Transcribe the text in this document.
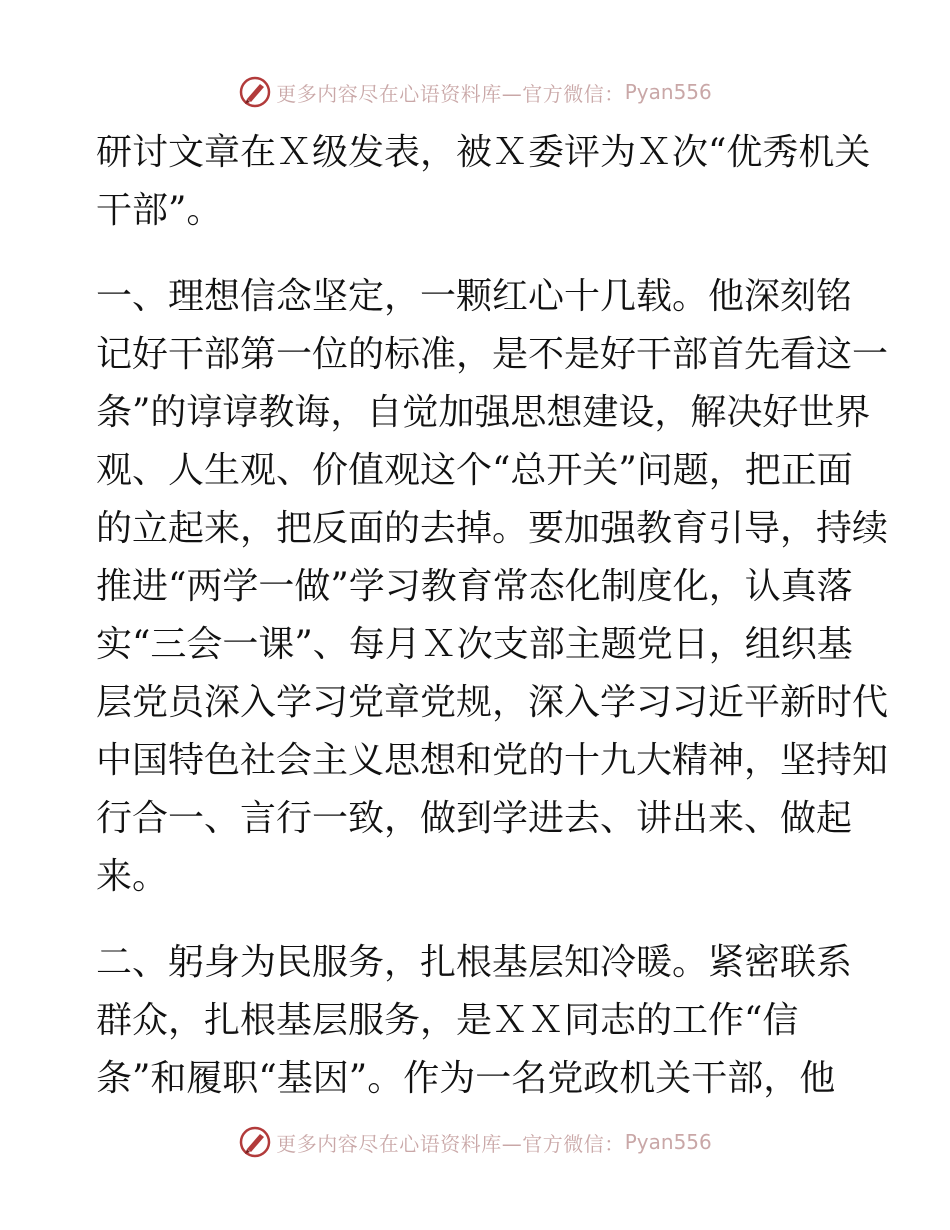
更多内容尽在心语资料库—官方微信： Pyan556
研讨文章在Ｘ级发表，被Ｘ委评为Ｘ次“优秀机关
干部”。
一、理想信念坚定，一颗红心十几载。他深刻铭
记好干部第一位的标准，是不是好干部首先看这一
条”的谆谆教诲，自觉加强思想建设，解决好世界
观、人生观、价值观这个“总开关”问题，把正面
的立起来，把反面的去掉。要加强教育引导，持续
推进“两学一做”学习教育常态化制度化，认真落
实“三会一课”、每月Ｘ次支部主题党日，组织基
层党员深入学习党章党规，深入学习习近平新时代
中国特色社会主义思想和党的十九大精神，坚持知
行合一、言行一致，做到学进去、讲出来、做起
来。
二、躬身为民服务，扎根基层知冷暖。紧密联系
群众，扎根基层服务，是ＸＸ同志的工作“信
条”和履职“基因”。作为一名党政机关干部，他
更多内容尽在心语资料库—官方微信： Pyan556
